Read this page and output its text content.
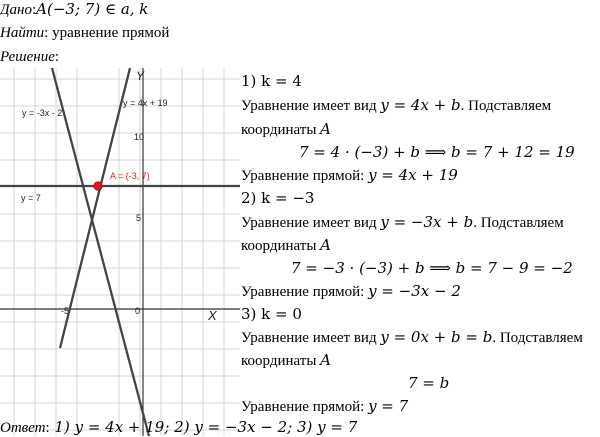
Дано:A(−3; 7) ∈ a, k
Найти: уравнение прямой
Решение:
Y
X
10
5
-5	0
y = -3x - 2
y = 4x + 19
y = 7
A = (-3, 7)
1) k = 4
Уравнение имеет вид y = 4x + b. Подставляем
координаты A
7 = 4 · (−3) + b ⟹ b = 7 + 12 = 19
Уравнение прямой: y = 4x + 19
2) k = −3
Уравнение имеет вид y = −3x + b. Подставляем
координаты A
7 = −3 · (−3) + b ⟹ b = 7 − 9 = −2
Уравнение прямой: y = −3x − 2
3) k = 0
Уравнение имеет вид y = 0x + b = b. Подставляем
координаты A
7 = b
Уравнение прямой: y = 7
Ответ: 1) y = 4x + 19; 2) y = −3x − 2; 3) y = 7
